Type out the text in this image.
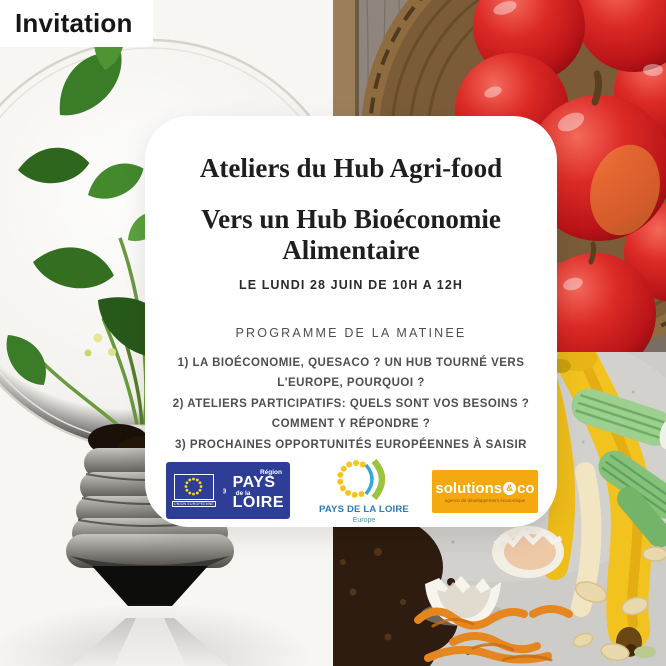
Invitation
Ateliers du Hub Agri-food
Vers un Hub Bioéconomie Alimentaire
LE LUNDI 28 JUIN DE 10H A 12H
PROGRAMME DE LA MATINEE
1) LA BIOÉCONOMIE, QUESACO ? UN HUB TOURNÉ VERS L'EUROPE, POURQUOI ?
2) ATELIERS PARTICIPATIFS: QUELS SONT VOS BESOINS ? COMMENT Y RÉPONDRE ?
3) PROCHAINES OPPORTUNITÉS EUROPÉENNES À SAISIR
UNION EUROPÉENNE
Région
PAYS
de la
LOIRE	PAYS DE LA LOIRE
Europe
solutions & co
agence de développement économique
